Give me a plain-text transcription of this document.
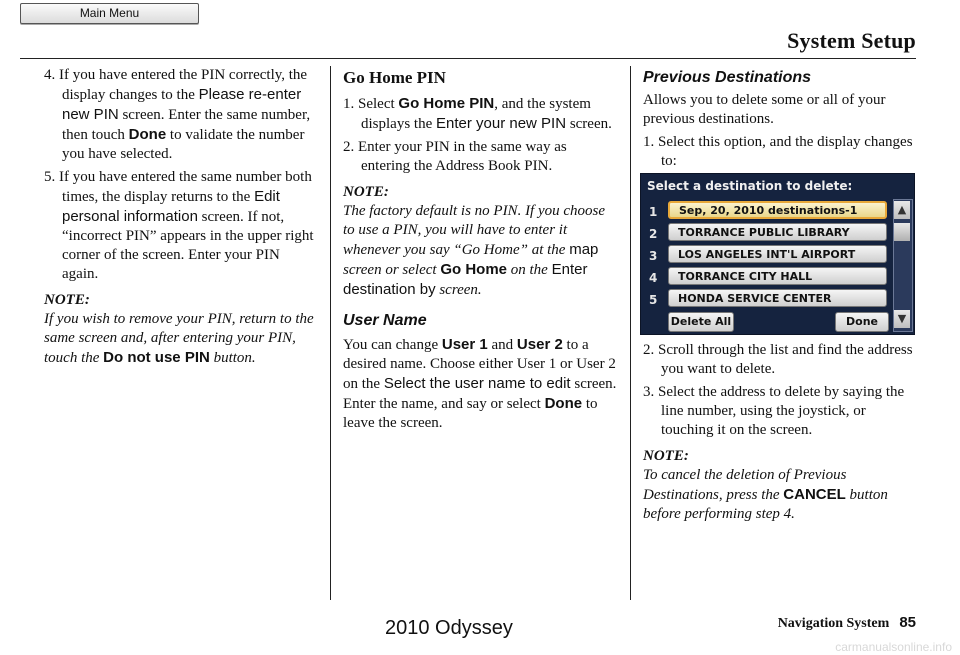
Main Menu
System Setup

4. If you have entered the PIN correctly, the display changes to the Please re-enter new PIN screen. Enter the same number, then touch Done to validate the number you have selected.

5. If you have entered the same number both times, the display returns to the Edit personal information screen. If not, “incorrect PIN” appears in the upper right corner of the screen. Enter your PIN again.

NOTE:

If you wish to remove your PIN, return to the same screen and, after entering your PIN, touch the Do not use PIN button.

Go Home PIN

1. Select Go Home PIN, and the system displays the Enter your new PIN screen.

2. Enter your PIN in the same way as entering the Address Book PIN.

NOTE:

The factory default is no PIN. If you choose to use a PIN, you will have to enter it whenever you say “Go Home” at the map screen or select Go Home on the Enter destination by screen.

User Name

You can change User 1 and User 2 to a desired name. Choose either User 1 or User 2 on the Select the user name to edit screen. Enter the name, and say or select Done to leave the screen.

Previous Destinations

Allows you to delete some or all of your previous destinations.

1. Select this option, and the display changes to:

2. Scroll through the list and find the address you want to delete.

3. Select the address to delete by saying the line number, using the joystick, or touching it on the screen.

NOTE:

To cancel the deletion of Previous Destinations, press the CANCEL button before performing step 4.

Select a destination to delete:
1	Sep, 20, 2010 destinations-1
2	TORRANCE PUBLIC LIBRARY
3	LOS ANGELES INT'L AIRPORT
4	TORRANCE CITY HALL
5	HONDA SERVICE CENTER
Delete All	Done
▲
▼
Navigation System 85
2010 Odyssey
carmanualsonline.info
